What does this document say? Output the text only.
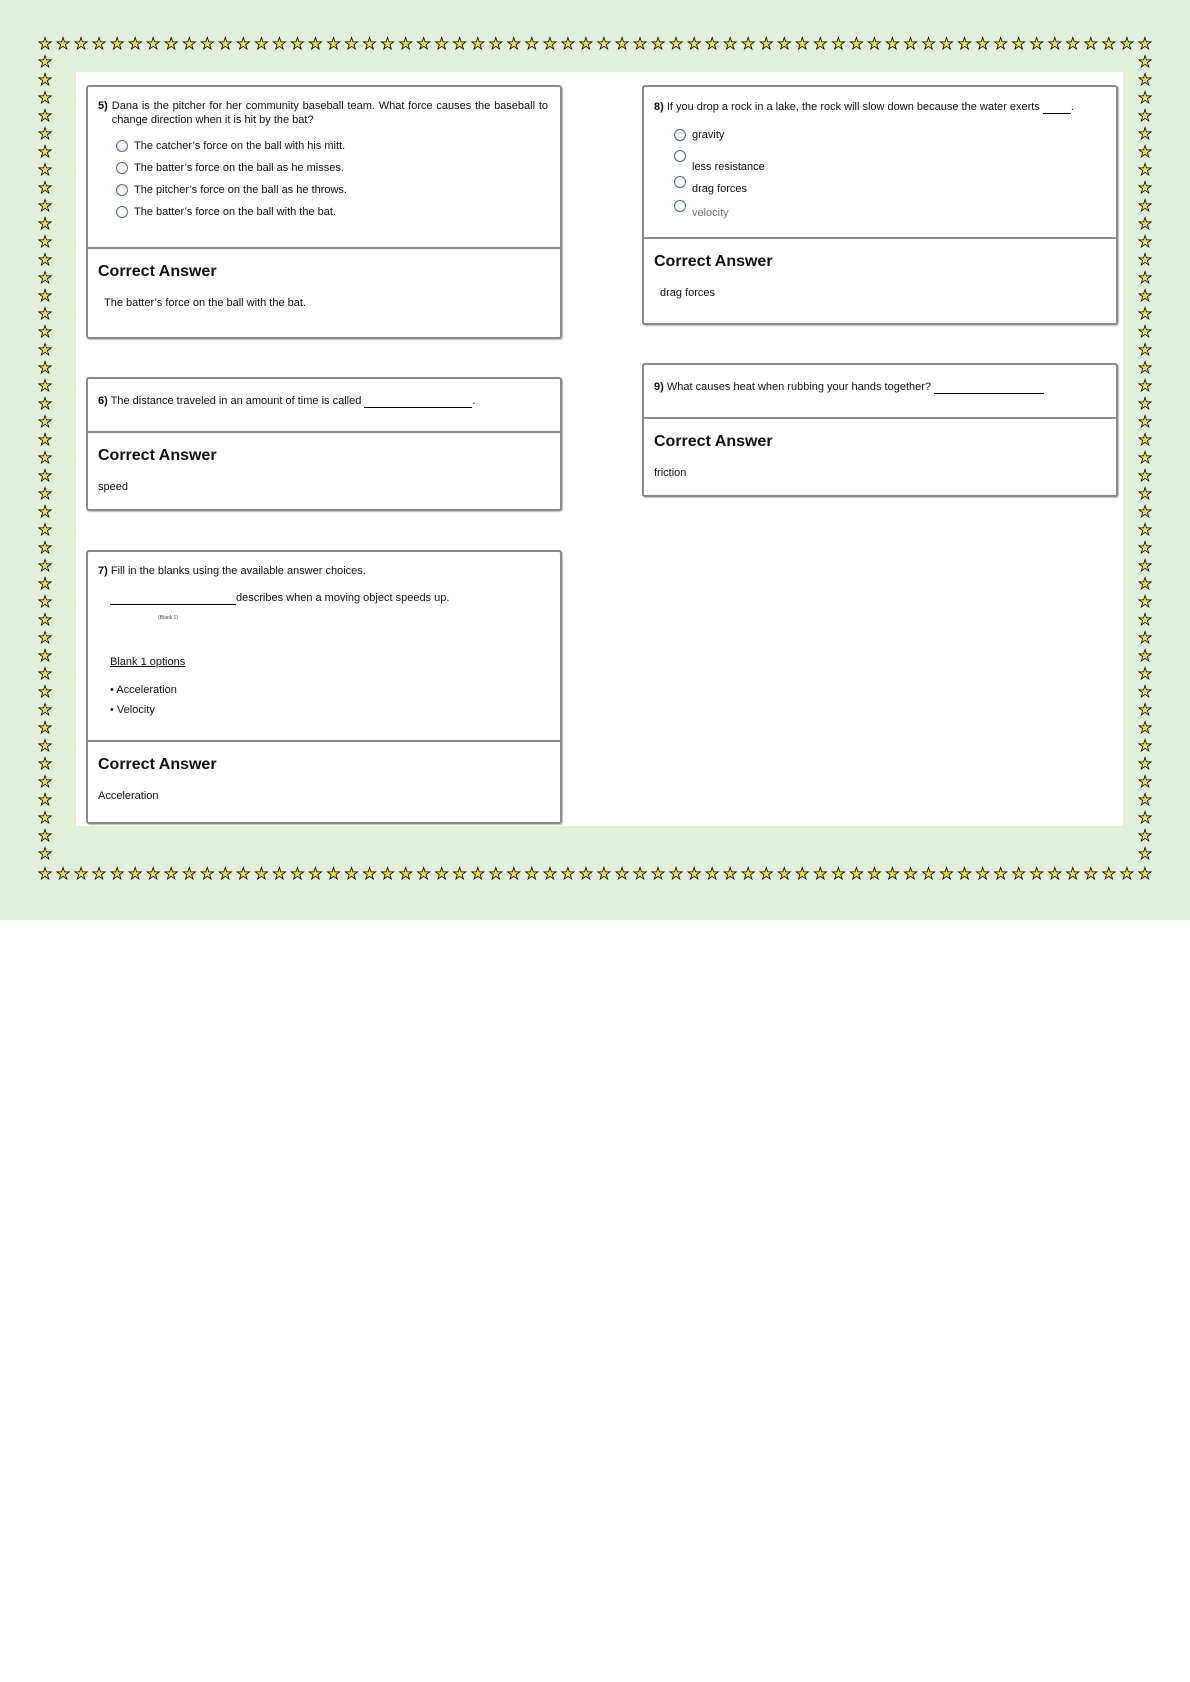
★ ★ ★ ★ ★ ★ ★ ★ ★ ★ ★ ★ ★ ★ ★ ★ ★ ★ ★ ★ ★ ★ ★ ★ ★ ★ ★ ★ ★ ★ ★ ★ ★ ★ ★ ★ ★ ★ ★ ★ ★ ★ ★ ★ ★ ★ ★ ★ ★ ★ ★ ★ ★ ★ ★ ★ ★ ★ ★ ★ ★ ★
★ ★ ★ ★ ★ ★ ★ ★ ★ ★ ★ ★ ★ ★ ★ ★ ★ ★ ★ ★ ★ ★ ★ ★ ★ ★ ★ ★ ★ ★ ★ ★ ★ ★ ★ ★ ★ ★ ★ ★ ★ ★ ★ ★ ★ ★ ★ ★ ★ ★ ★ ★ ★ ★ ★ ★ ★ ★ ★ ★ ★ ★
★
★
★
★
★
★
★
★
★
★
★
★
★
★
★
★
★
★
★
★
★
★
★
★
★
★
★
★
★
★
★
★
★
★
★
★
★
★
★
★
★
★
★
★
★
★
★
★
★
★
★
★
★
★
★
★
★
★
★
★
★
★
★
★
★
★
★
★
★
★
★
★
★
★
★
★
★
★
★
★
★
★
★
★
★
★
★
★
★
★
5) Dana is the pitcher for her community baseball team. What force causes the baseball to change direction when it is hit by the bat?
The catcher’s force on the ball with his mitt.
The batter’s force on the ball as he misses.
The pitcher’s force on the ball as he throws.
The batter’s force on the ball with the bat.
Correct Answer
The batter’s force on the ball with the bat.
6) The distance traveled in an amount of time is called	.
Correct Answer
speed
7) Fill in the blanks using the available answer choices.
describes when a moving object speeds up.
(Blank 1)
Blank 1 options
• Acceleration
• Velocity
Correct Answer
Acceleration
8) If you drop a rock in a lake, the rock will slow down because the water exerts	.
gravity
less resistance
drag forces
velocity
Correct Answer
drag forces
9) What causes heat when rubbing your hands together?
Correct Answer
friction
